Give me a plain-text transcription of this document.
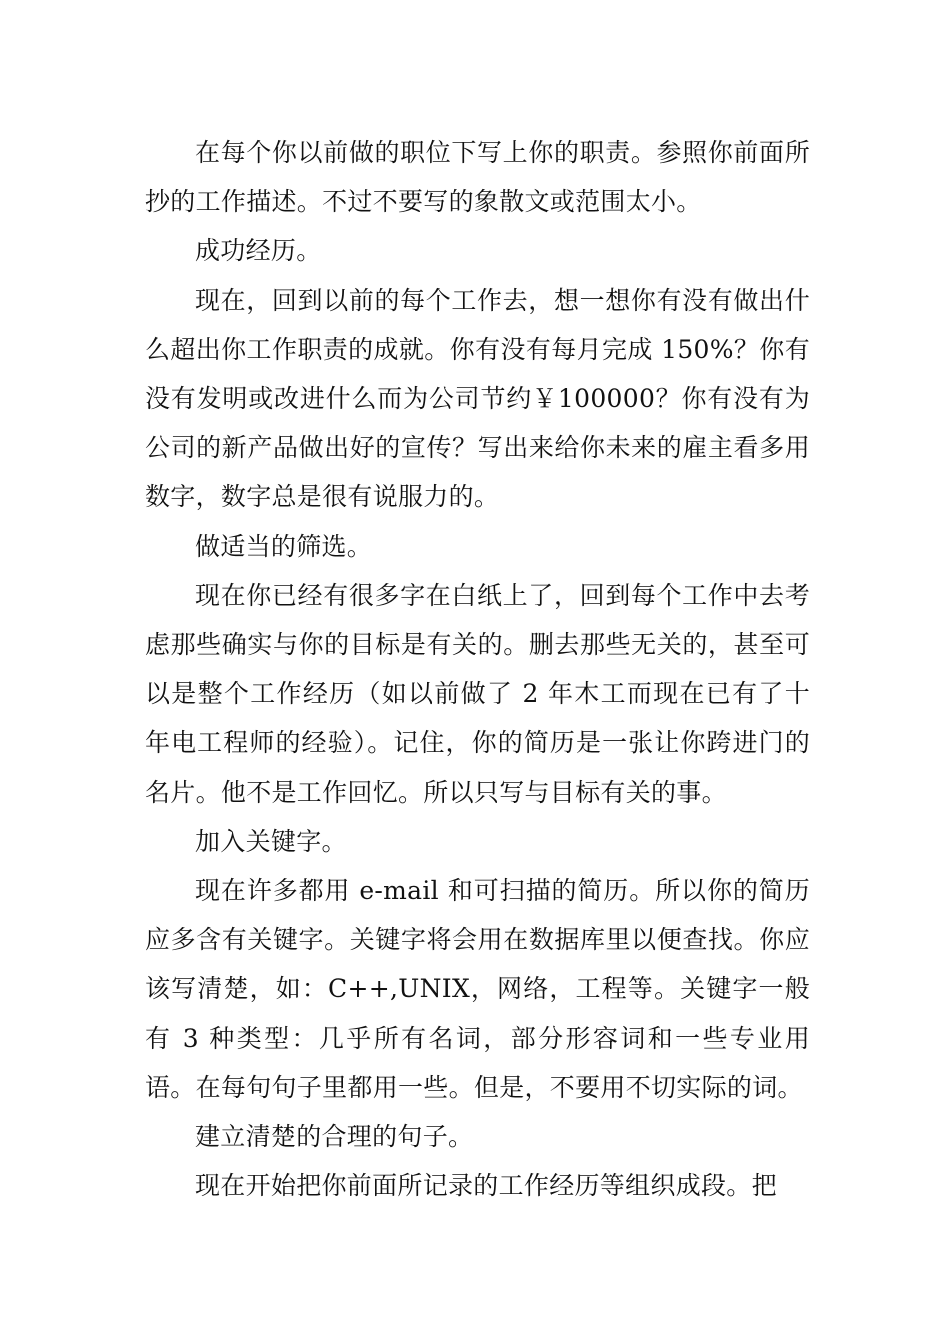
在每个你以前做的职位下写上你的职责。参照你前面所抄的工作描述。不过不要写的象散文或范围太小。

成功经历。

现在，回到以前的每个工作去，想一想你有没有做出什么超出你工作职责的成就。你有没有每月完成 150%？你有没有发明或改进什么而为公司节约￥100000？你有没有为公司的新产品做出好的宣传？写出来给你未来的雇主看多用数字，数字总是很有说服力的。

做适当的筛选。

现在你已经有很多字在白纸上了，回到每个工作中去考虑那些确实与你的目标是有关的。删去那些无关的，甚至可以是整个工作经历（如以前做了 2 年木工而现在已有了十年电工程师的经验）。记住，你的简历是一张让你跨进门的名片。他不是工作回忆。所以只写与目标有关的事。

加入关键字。

现在许多都用 e-mail 和可扫描的简历。所以你的简历应多含有关键字。关键字将会用在数据库里以便查找。你应该写清楚，如：C++,UNIX，网络，工程等。关键字一般有 3 种类型：几乎所有名词，部分形容词和一些专业用语。在每句句子里都用一些。但是，不要用不切实际的词。

建立清楚的合理的句子。

现在开始把你前面所记录的工作经历等组织成段。把
